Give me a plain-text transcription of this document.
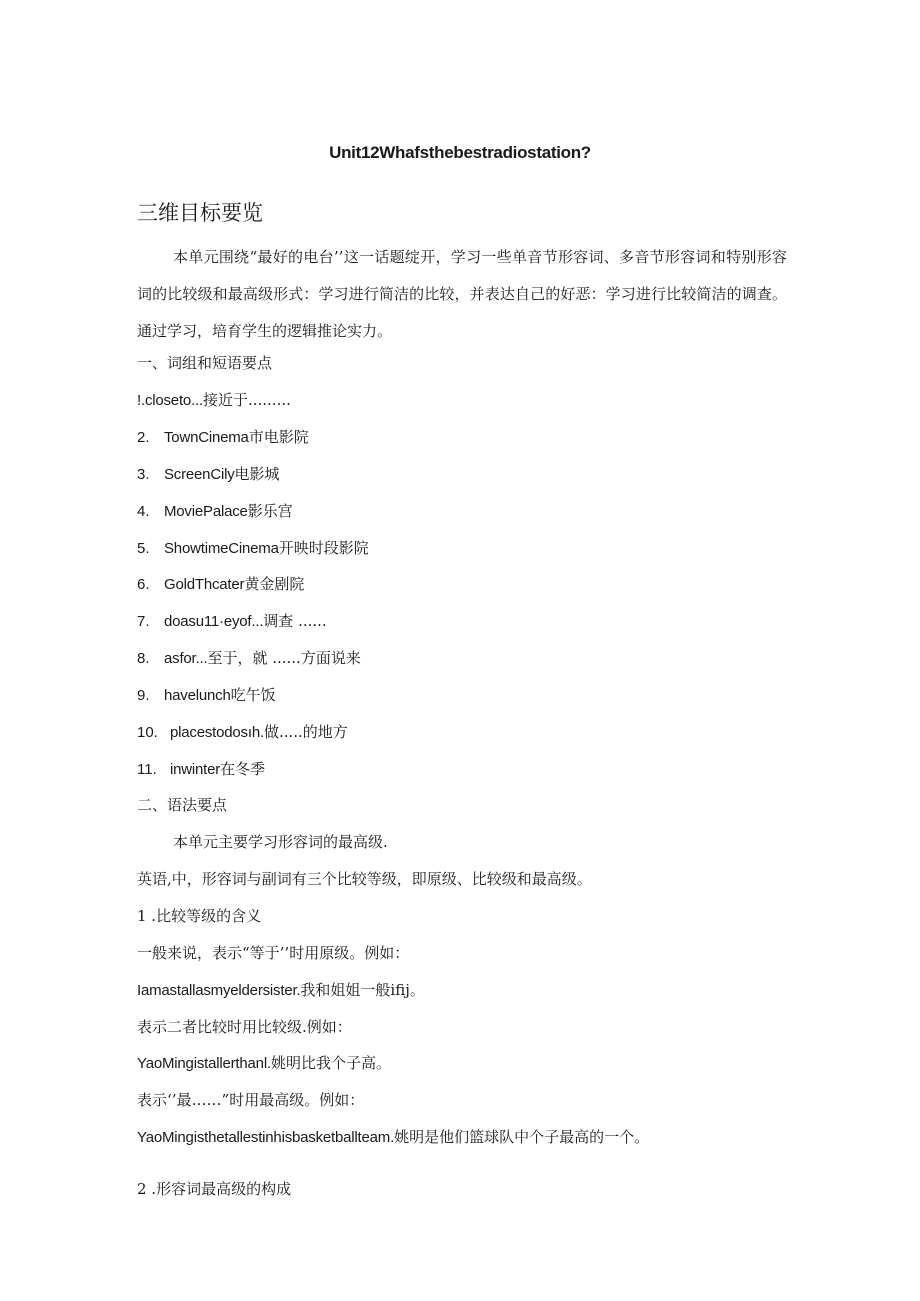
Unit12Whafsthebestradiostation?
三维目标要览
本单元围绕“最好的电台’’这一话题绽开，学习一些单音节形容词、多音节形容词和特别形容词的比较级和最高级形式：学习进行简洁的比较，并表达自己的好恶：学习进行比较简洁的调查。通过学习，培育学生的逻辑推论实力。
一、词组和短语要点
!.closeto...接近于.........
2. TownCinema市电影院
3. ScreenCily电影城
4. MoviePalace影乐宫
5. ShowtimeCinema开映时段影院
6. GoldThcater黄金剧院
7. doasu11·eyof...调查 ......
8. asfor...至于，就 ......方面说来
9. havelunch吃午饭
10. placestodosıh.做.....的地方
11. inwinter在冬季
二、语法要点
本单元主要学习形容词的最高级.
英语,中，形容词与副词有三个比较等级，即原级、比较级和最高级。
1 .比较等级的含义
一般来说，表示“等于’’时用原级。例如：
Iamastallasmyeldersister.我和姐姐一般ifij。
表示二者比较时用比较级.例如：
YaoMingistallerthanl.姚明比我个子高。
表示‘’最……”时用最高级。例如：
YaoMingisthetallestinhisbasketballteam.姚明是他们篮球队中个子最高的一个。
2 .形容词最高级的构成
